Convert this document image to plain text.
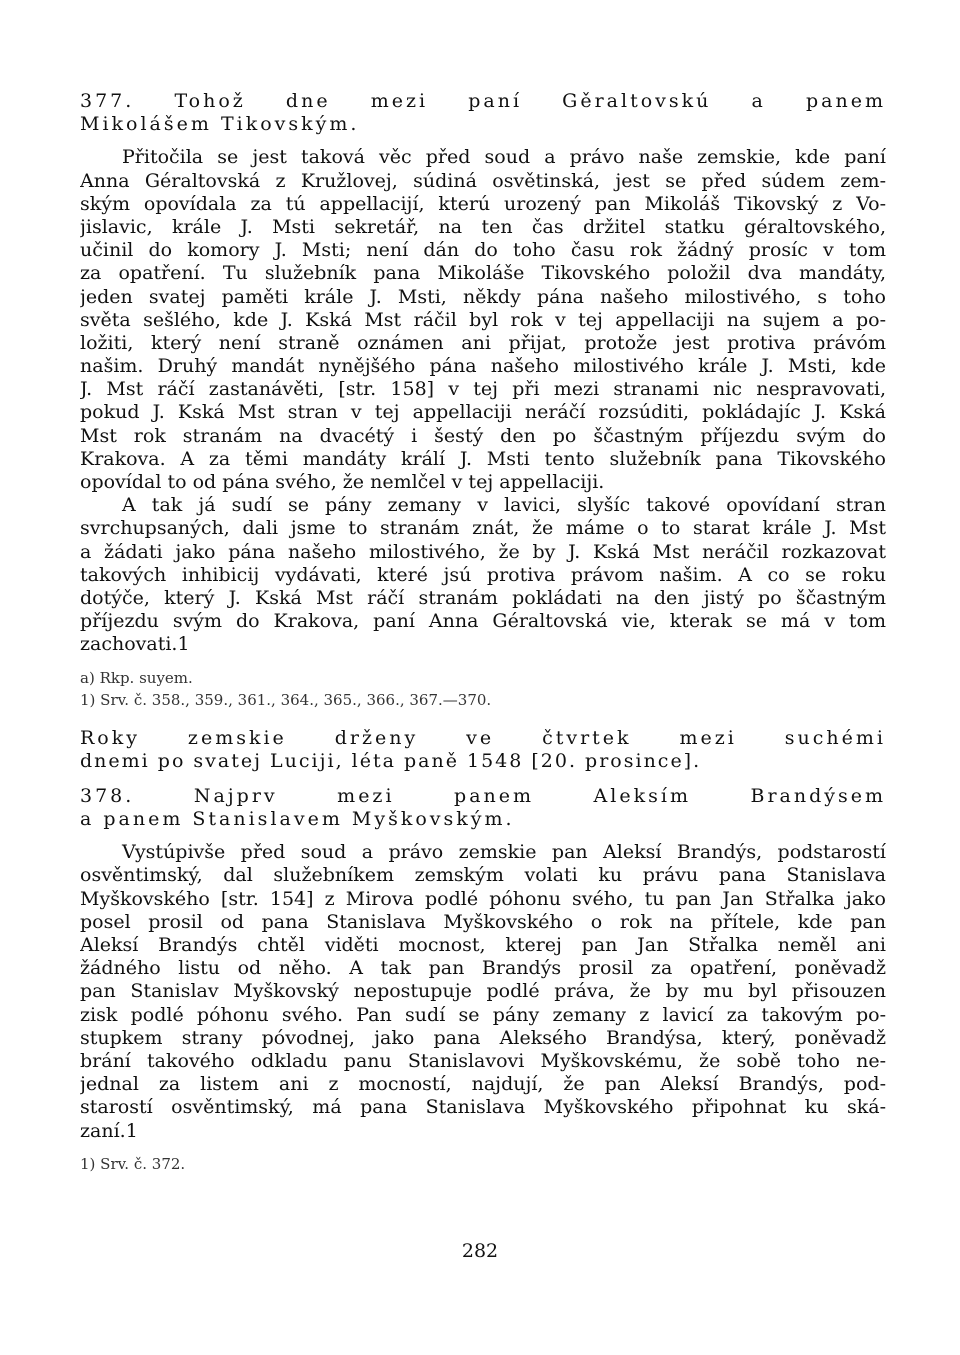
377. Tohož dne mezi paní Gěraltovskú a panem
Mikolášem Tikovským.
Přitočila se jest taková věc před soud a právo naše zemskie, kde paní
Anna Géraltovská z Kružlovej, súdiná osvětinská, jest se před súdem zem-
ským opovídala za tú appellacijí, kterú urozený pan Mikoláš Tikovský z Vo-
jislavic, krále J. Msti sekretář, na ten čas držitel statku géraltovského,
učinil do komory J. Msti; není dán do toho času rok žádný prosíc v tom
za opatření. Tu služebník pana Mikoláše Tikovského položil dva mandáty,
jeden svatej paměti krále J. Msti, někdy pána našeho milostivého, s toho
světa sešlého, kde J. Kská Mst ráčil byl rok v tej appellaciji na sujem a po-
ložiti, který není straně oznámen ani přijat, protože jest protiva právóm
našim. Druhý mandát nynějšého pána našeho milostivého krále J. Msti, kde
J. Mst ráčí zastanávěti, [str. 158] v tej při mezi stranami nic nespravovati,
pokud J. Kská Mst stran v tej appellaciji neráčí rozsúditi, pokládajíc J. Kská
Mst rok stranám na dvacétý i šestý den po ščastným příjezdu svým do
Krakova. A za těmi mandáty králí J. Msti tento služebník pana Tikovského
opovídal to od pána svého, že nemlčel v tej appellaciji.
A tak já sudí se pány zemany v lavici, slyšíc takové opovídaní stran
svrchupsaných, dali jsme to stranám znát, že máme o to starat krále J. Mst
a žádati jako pána našeho milostivého, že by J. Kská Mst neráčil rozkazovat
takových inhibicij vydávati, které jsú protiva právom našim. A co se roku
dotýče, který J. Kská Mst ráčí stranám pokládati na den jistý po ščastným
příjezdu svým do Krakova, paní Anna Géraltovská vie, kterak se má v tom
zachovati.1
a) Rkp. suyem.
1) Srv. č. 358., 359., 361., 364., 365., 366., 367.—370.
Roky zemskie drženy ve čtvrtek mezi suchémi
dnemi po svatej Luciji, léta paně 1548 [20. prosince].
378. Najprv mezi panem Aleksím Brandýsem
a panem Stanislavem Myškovským.
Vystúpivše před soud a právo zemskie pan Aleksí Brandýs, podstarostí
osvěntimský, dal služebníkem zemským volati ku právu pana Stanislava
Myškovského [str. 154] z Mirova podlé póhonu svého, tu pan Jan Střalka jako
posel prosil od pana Stanislava Myškovského o rok na přítele, kde pan
Aleksí Brandýs chtěl viděti mocnost, kterej pan Jan Střalka neměl ani
žádného listu od něho. A tak pan Brandýs prosil za opatření, poněvadž
pan Stanislav Myškovský nepostupuje podlé práva, že by mu byl přisouzen
zisk podlé póhonu svého. Pan sudí se pány zemany z lavicí za takovým po-
stupkem strany póvodnej, jako pana Aleksého Brandýsa, který, poněvadž
brání takového odkladu panu Stanislavovi Myškovskému, že sobě toho ne-
jednal za listem ani z mocností, najdují, že pan Aleksí Brandýs, pod-
starostí osvěntimský, má pana Stanislava Myškovského připohnat ku ská-
zaní.1
1) Srv. č. 372.
282
